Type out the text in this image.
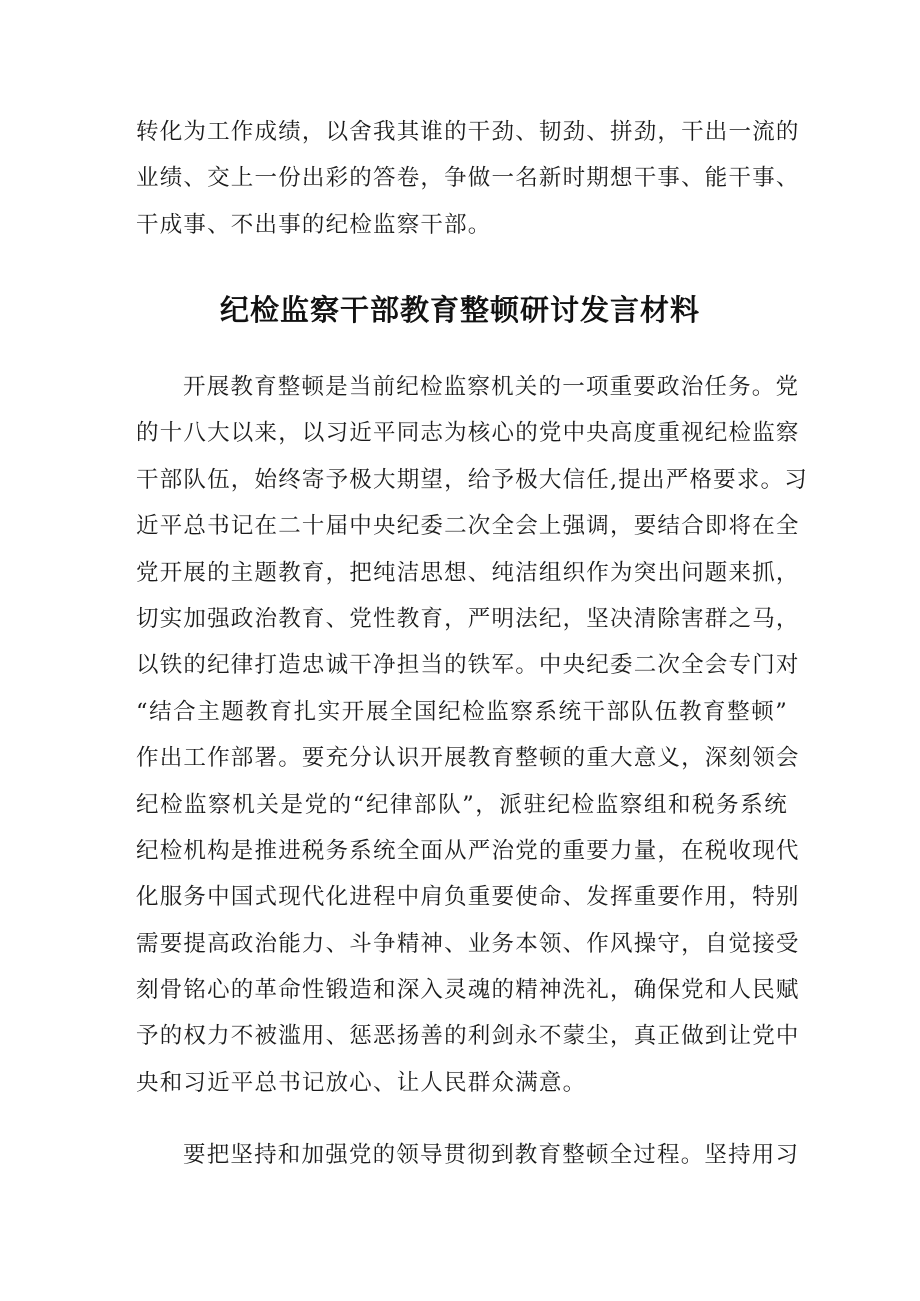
转化为工作成绩，以舍我其谁的干劲、韧劲、拼劲，干出一流的
业绩、交上一份出彩的答卷，争做一名新时期想干事、能干事、
干成事、不出事的纪检监察干部。
纪检监察干部教育整顿研讨发言材料
开展教育整顿是当前纪检监察机关的一项重要政治任务。党
的十八大以来，以习近平同志为核心的党中央高度重视纪检监察
干部队伍，始终寄予极大期望，给予极大信任,提出严格要求。习
近平总书记在二十届中央纪委二次全会上强调，要结合即将在全
党开展的主题教育，把纯洁思想、纯洁组织作为突出问题来抓，
切实加强政治教育、党性教育，严明法纪，坚决清除害群之马，
以铁的纪律打造忠诚干净担当的铁军。中央纪委二次全会专门对
“结合主题教育扎实开展全国纪检监察系统干部队伍教育整顿”
作出工作部署。要充分认识开展教育整顿的重大意义，深刻领会
纪检监察机关是党的“纪律部队”，派驻纪检监察组和税务系统
纪检机构是推进税务系统全面从严治党的重要力量，在税收现代
化服务中国式现代化进程中肩负重要使命、发挥重要作用，特别
需要提高政治能力、斗争精神、业务本领、作风操守，自觉接受
刻骨铭心的革命性锻造和深入灵魂的精神洗礼，确保党和人民赋
予的权力不被滥用、惩恶扬善的利剑永不蒙尘，真正做到让党中
央和习近平总书记放心、让人民群众满意。
要把坚持和加强党的领导贯彻到教育整顿全过程。坚持用习
